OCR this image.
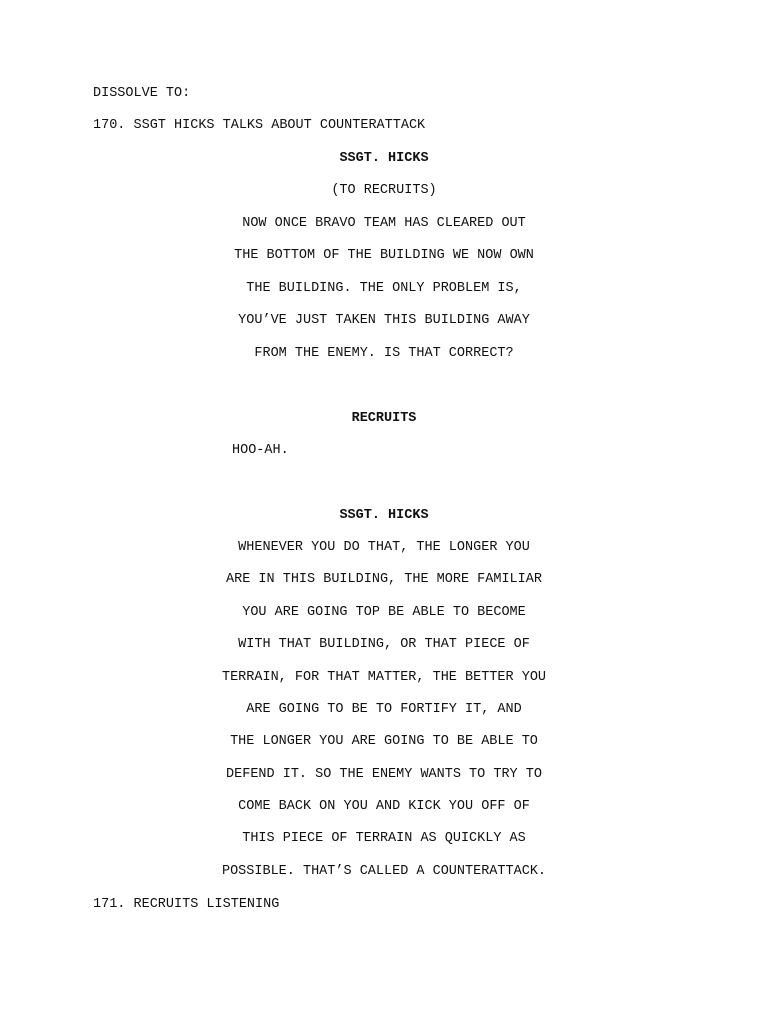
DISSOLVE TO:
170. SSGT HICKS TALKS ABOUT COUNTERATTACK
SSGT. HICKS
(TO RECRUITS)
NOW ONCE BRAVO TEAM HAS CLEARED OUT
THE BOTTOM OF THE BUILDING WE NOW OWN
THE BUILDING. THE ONLY PROBLEM IS,
YOU’VE JUST TAKEN THIS BUILDING AWAY
FROM THE ENEMY. IS THAT CORRECT?
RECRUITS
HOO-AH.
SSGT. HICKS
WHENEVER YOU DO THAT, THE LONGER YOU
ARE IN THIS BUILDING, THE MORE FAMILIAR
YOU ARE GOING TOP BE ABLE TO BECOME
WITH THAT BUILDING, OR THAT PIECE OF
TERRAIN, FOR THAT MATTER, THE BETTER YOU
ARE GOING TO BE TO FORTIFY IT, AND
THE LONGER YOU ARE GOING TO BE ABLE TO
DEFEND IT. SO THE ENEMY WANTS TO TRY TO
COME BACK ON YOU AND KICK YOU OFF OF
THIS PIECE OF TERRAIN AS QUICKLY AS
POSSIBLE. THAT’S CALLED A COUNTERATTACK.
171. RECRUITS LISTENING
